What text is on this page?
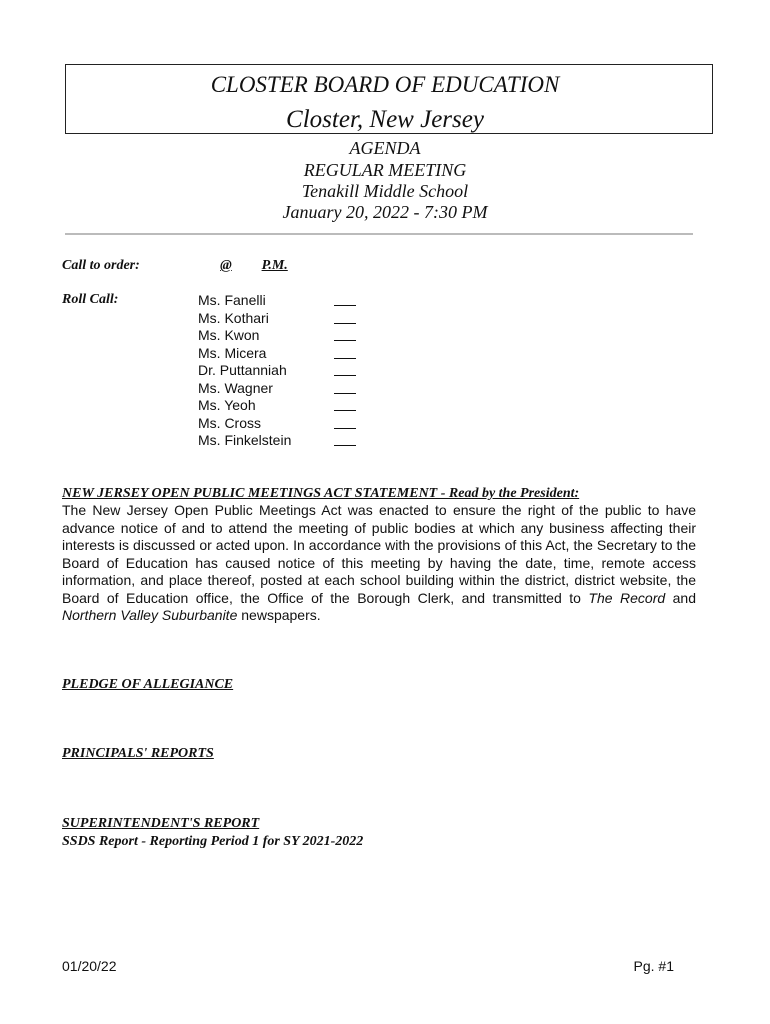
CLOSTER BOARD OF EDUCATION
Closter, New Jersey
AGENDA
REGULAR MEETING
Tenakill Middle School
January 20, 2022 - 7:30 PM
Call to order:	@ P.M.
Roll Call:	Ms. Fanelli
Ms. Kothari
Ms. Kwon
Ms. Micera
Dr. Puttanniah
Ms. Wagner
Ms. Yeoh
Ms. Cross
Ms. Finkelstein
NEW JERSEY OPEN PUBLIC MEETINGS ACT STATEMENT - Read by the President:
The New Jersey Open Public Meetings Act was enacted to ensure the right of the public to have advance notice of and to attend the meeting of public bodies at which any business affecting their interests is discussed or acted upon. In accordance with the provisions of this Act, the Secretary to the Board of Education has caused notice of this meeting by having the date, time, remote access information, and place thereof, posted at each school building within the district, district website, the Board of Education office, the Office of the Borough Clerk, and transmitted to The Record and Northern Valley Suburbanite newspapers.
PLEDGE OF ALLEGIANCE
PRINCIPALS' REPORTS
SUPERINTENDENT'S REPORT
SSDS Report - Reporting Period 1 for SY 2021-2022
01/20/22	Pg. #1
